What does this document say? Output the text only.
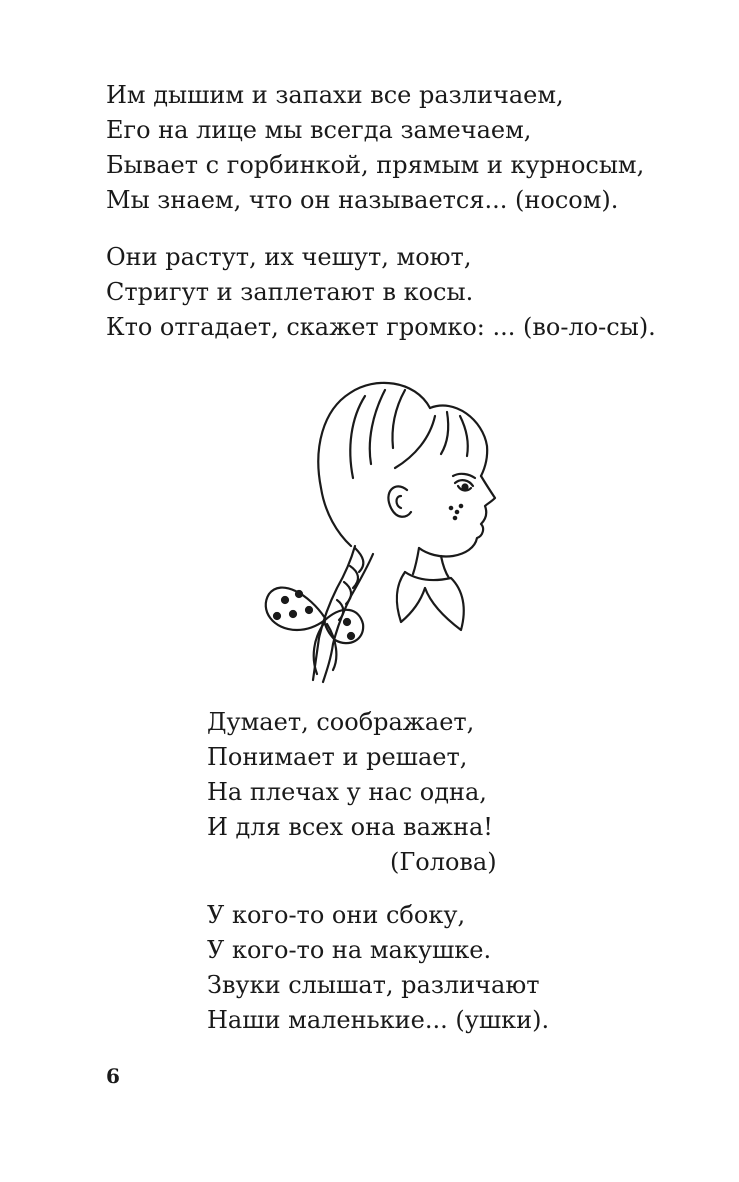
Им дышим и запахи все различаем,
Его на лице мы всегда замечаем,
Бывает с горбинкой, прямым и курносым,
Мы знаем, что он называется... (носом).
Они растут, их чешут, моют,
Стригут и заплетают в косы.
Кто отгадает, скажет громко: ... (во-ло-сы).
Думает, соображает,
Понимает и решает,
На плечах у нас одна,
И для всех она важна!
(Голова)
У кого-то они сбоку,
У кого-то на макушке.
Звуки слышат, различают
Наши маленькие... (ушки).
6
